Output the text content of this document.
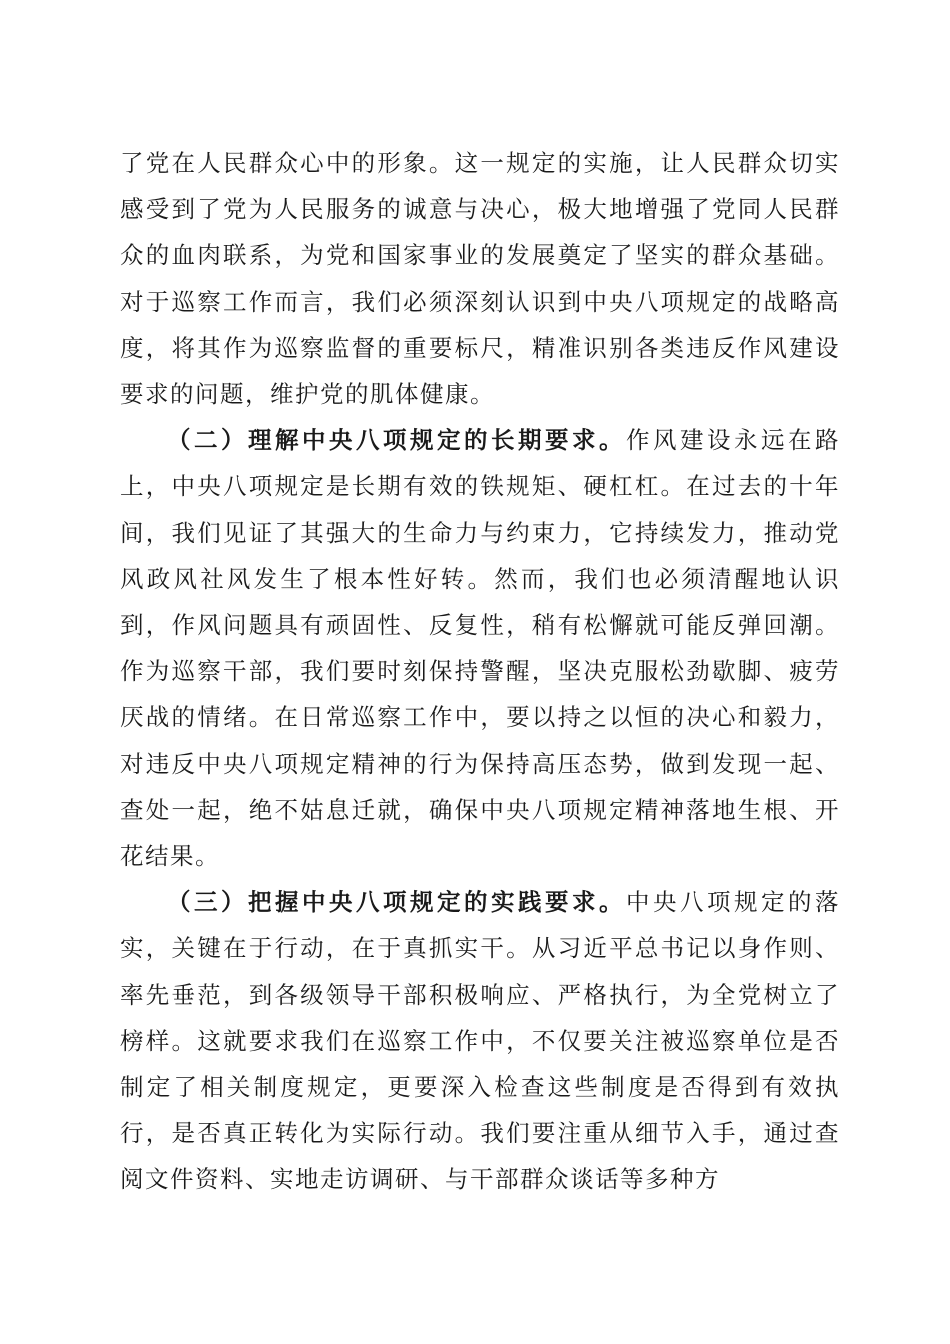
了党在人民群众心中的形象。这一规定的实施，让人民群众切实感受到了党为人民服务的诚意与决心，极大地增强了党同人民群众的血肉联系，为党和国家事业的发展奠定了坚实的群众基础。对于巡察工作而言，我们必须深刻认识到中央八项规定的战略高度，将其作为巡察监督的重要标尺，精准识别各类违反作风建设要求的问题，维护党的肌体健康。

（二）理解中央八项规定的长期要求。作风建设永远在路上，中央八项规定是长期有效的铁规矩、硬杠杠。在过去的十年间，我们见证了其强大的生命力与约束力，它持续发力，推动党风政风社风发生了根本性好转。然而，我们也必须清醒地认识到，作风问题具有顽固性、反复性，稍有松懈就可能反弹回潮。作为巡察干部，我们要时刻保持警醒，坚决克服松劲歇脚、疲劳厌战的情绪。在日常巡察工作中，要以持之以恒的决心和毅力，对违反中央八项规定精神的行为保持高压态势，做到发现一起、查处一起，绝不姑息迁就，确保中央八项规定精神落地生根、开花结果。

（三）把握中央八项规定的实践要求。中央八项规定的落实，关键在于行动，在于真抓实干。从习近平总书记以身作则、率先垂范，到各级领导干部积极响应、严格执行，为全党树立了榜样。这就要求我们在巡察工作中，不仅要关注被巡察单位是否制定了相关制度规定，更要深入检查这些制度是否得到有效执行，是否真正转化为实际行动。我们要注重从细节入手，通过查阅文件资料、实地走访调研、与干部群众谈话等多种方
